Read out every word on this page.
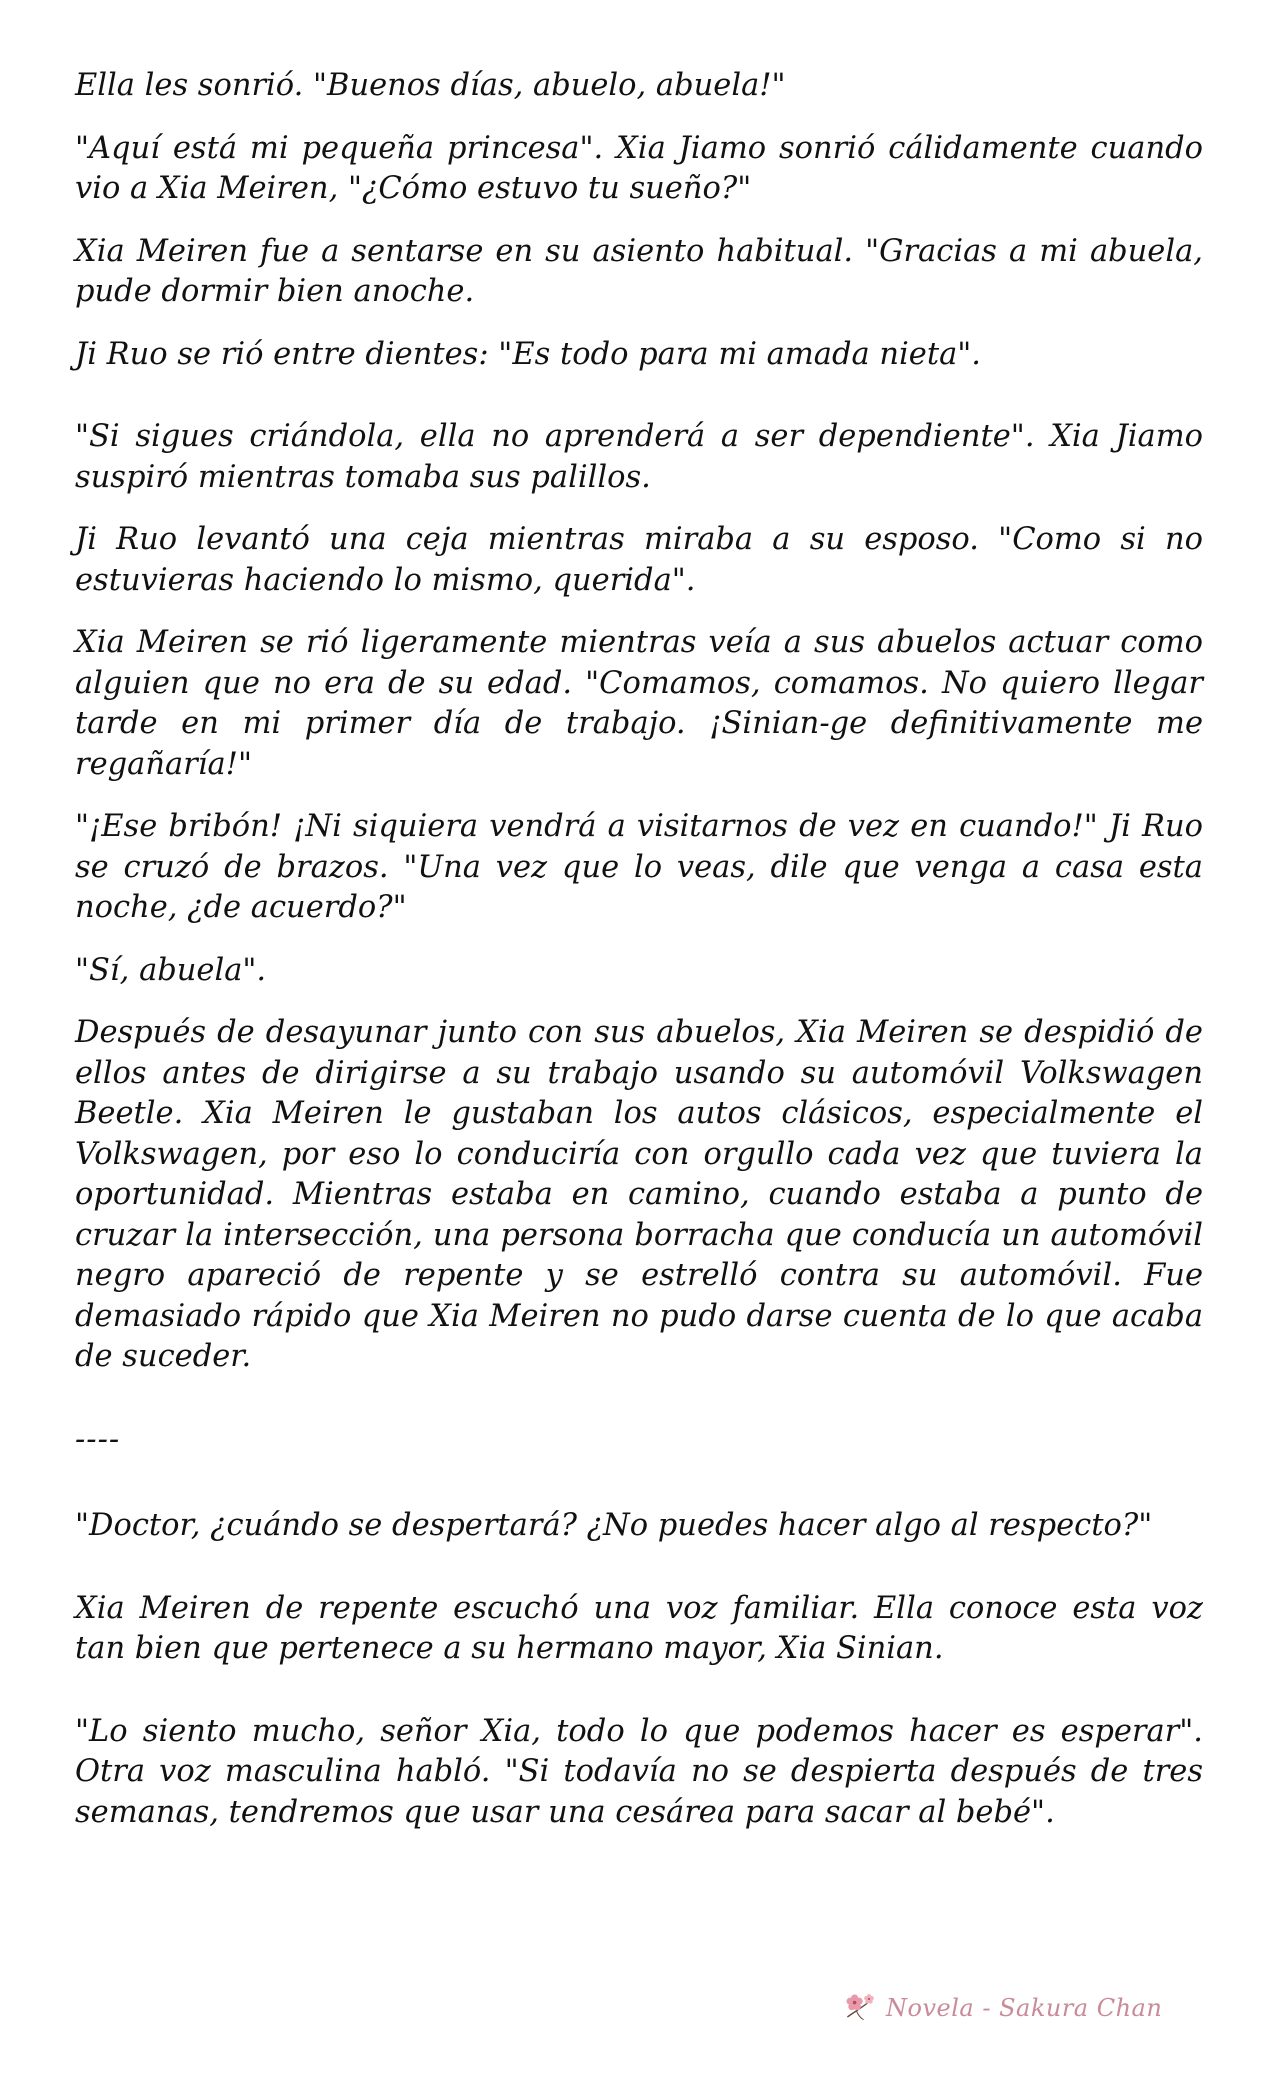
Ella les sonrió. "Buenos días, abuelo, abuela!"

"Aquí está mi pequeña princesa". Xia Jiamo sonrió cálidamente cuando vio a Xia Meiren, "¿Cómo estuvo tu sueño?"

Xia Meiren fue a sentarse en su asiento habitual. "Gracias a mi abuela, pude dormir bien anoche.

Ji Ruo se rió entre dientes: "Es todo para mi amada nieta".

"Si sigues criándola, ella no aprenderá a ser dependiente". Xia Jiamo suspiró mientras tomaba sus palillos.

Ji Ruo levantó una ceja mientras miraba a su esposo. "Como si no estuvieras haciendo lo mismo, querida".

Xia Meiren se rió ligeramente mientras veía a sus abuelos actuar como alguien que no era de su edad. "Comamos, comamos. No quiero llegar tarde en mi primer día de trabajo. ¡Sinian-ge definitivamente me regañaría!"

"¡Ese bribón! ¡Ni siquiera vendrá a visitarnos de vez en cuando!" Ji Ruo se cruzó de brazos. "Una vez que lo veas, dile que venga a casa esta noche, ¿de acuerdo?"

"Sí, abuela".

Después de desayunar junto con sus abuelos, Xia Meiren se despidió de ellos antes de dirigirse a su trabajo usando su automóvil Volkswagen Beetle. Xia Meiren le gustaban los autos clásicos, especialmente el Volkswagen, por eso lo conduciría con orgullo cada vez que tuviera la oportunidad. Mientras estaba en camino, cuando estaba a punto de cruzar la intersección, una persona borracha que conducía un automóvil negro apareció de repente y se estrelló contra su automóvil. Fue demasiado rápido que Xia Meiren no pudo darse cuenta de lo que acaba de suceder.

----

"Doctor, ¿cuándo se despertará? ¿No puedes hacer algo al respecto?"

Xia Meiren de repente escuchó una voz familiar. Ella conoce esta voz tan bien que pertenece a su hermano mayor, Xia Sinian.

"Lo siento mucho, señor Xia, todo lo que podemos hacer es esperar". Otra voz masculina habló. "Si todavía no se despierta después de tres semanas, tendremos que usar una cesárea para sacar al bebé".

Novela - Sakura Chan
